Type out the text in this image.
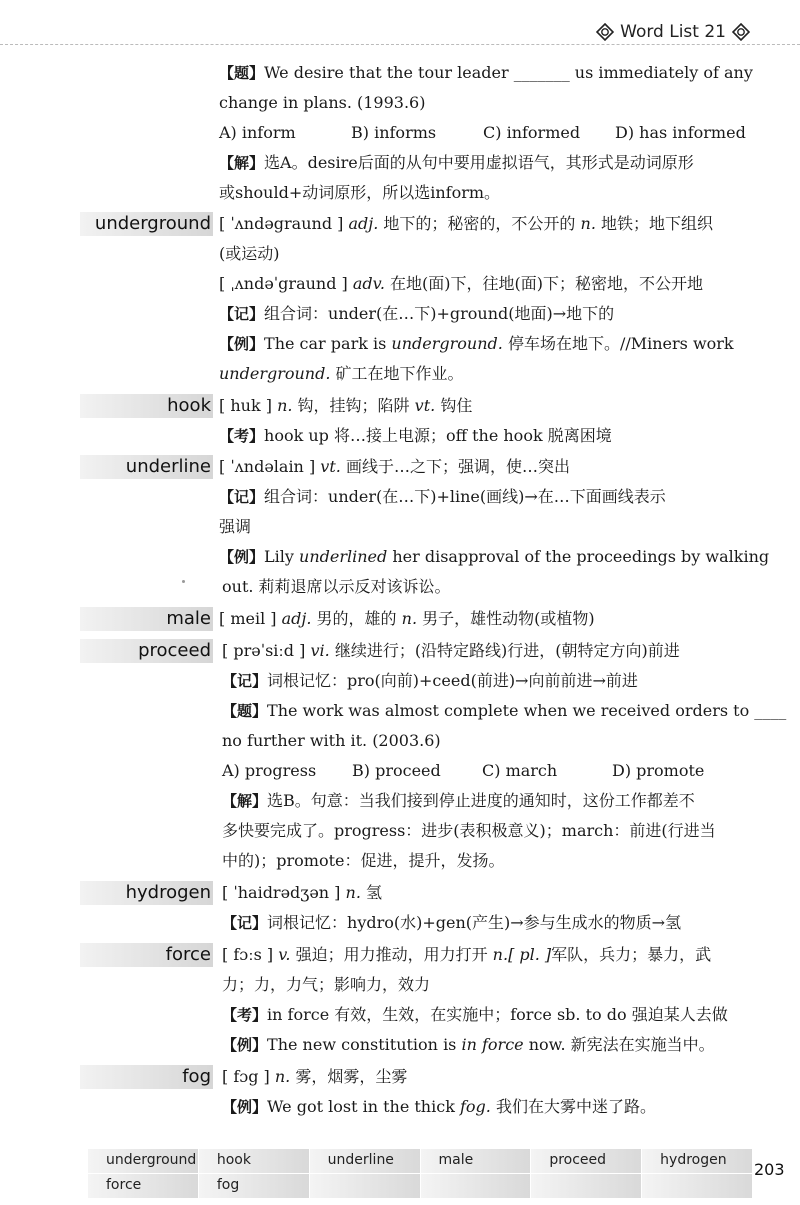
Word List 21
【题】We desire that the tour leader _______ us immediately of any
change in plans. (1993.6)
A) inform	B) informs	C) informed	D) has informed
【解】选A。desire后面的从句中要用虚拟语气，其形式是动词原形
或should+动词原形，所以选inform。
underground [ ˈʌndəgraund ] adj. 地下的；秘密的，不公开的 n. 地铁；地下组织
(或运动)
[ ˌʌndəˈgraund ] adv. 在地(面)下，往地(面)下；秘密地，不公开地
【记】组合词：under(在…下)+ground(地面)→地下的
【例】The car park is underground. 停车场在地下。//Miners work
underground. 矿工在地下作业。
hook [ huk ] n. 钩，挂钩；陷阱 vt. 钩住
【考】hook up 将…接上电源；off the hook 脱离困境
underline [ ˈʌndəlain ] vt. 画线于…之下；强调，使…突出
【记】组合词：under(在…下)+line(画线)→在…下面画线表示
强调
【例】Lily underlined her disapproval of the proceedings by walking
out. 莉莉退席以示反对该诉讼。
male [ meil ] adj. 男的，雄的 n. 男子，雄性动物(或植物)
proceed [ prəˈsiːd ] vi. 继续进行；(沿特定路线)行进，(朝特定方向)前进
【记】词根记忆：pro(向前)+ceed(前进)→向前前进→前进
【题】The work was almost complete when we received orders to ____
no further with it. (2003.6)
A) progress	B) proceed	C) march	D) promote
【解】选B。句意：当我们接到停止进度的通知时，这份工作都差不
多快要完成了。progress：进步(表积极意义)；march：前进(行进当
中的)；promote：促进，提升，发扬。
hydrogen [ ˈhaidrədʒən ] n. 氢
【记】词根记忆：hydro(水)+gen(产生)→参与生成水的物质→氢
force [ fɔːs ] v. 强迫；用力推动，用力打开 n.[ pl. ]军队，兵力；暴力，武
力；力，力气；影响力，效力
【考】in force 有效，生效，在实施中；force sb. to do 强迫某人去做
【例】The new constitution is in force now. 新宪法在实施当中。
fog [ fɔg ] n. 雾，烟雾，尘雾
【例】We got lost in the thick fog. 我们在大雾中迷了路。
underground	hook	underline	male	proceed	hydrogen
force	fog
203
